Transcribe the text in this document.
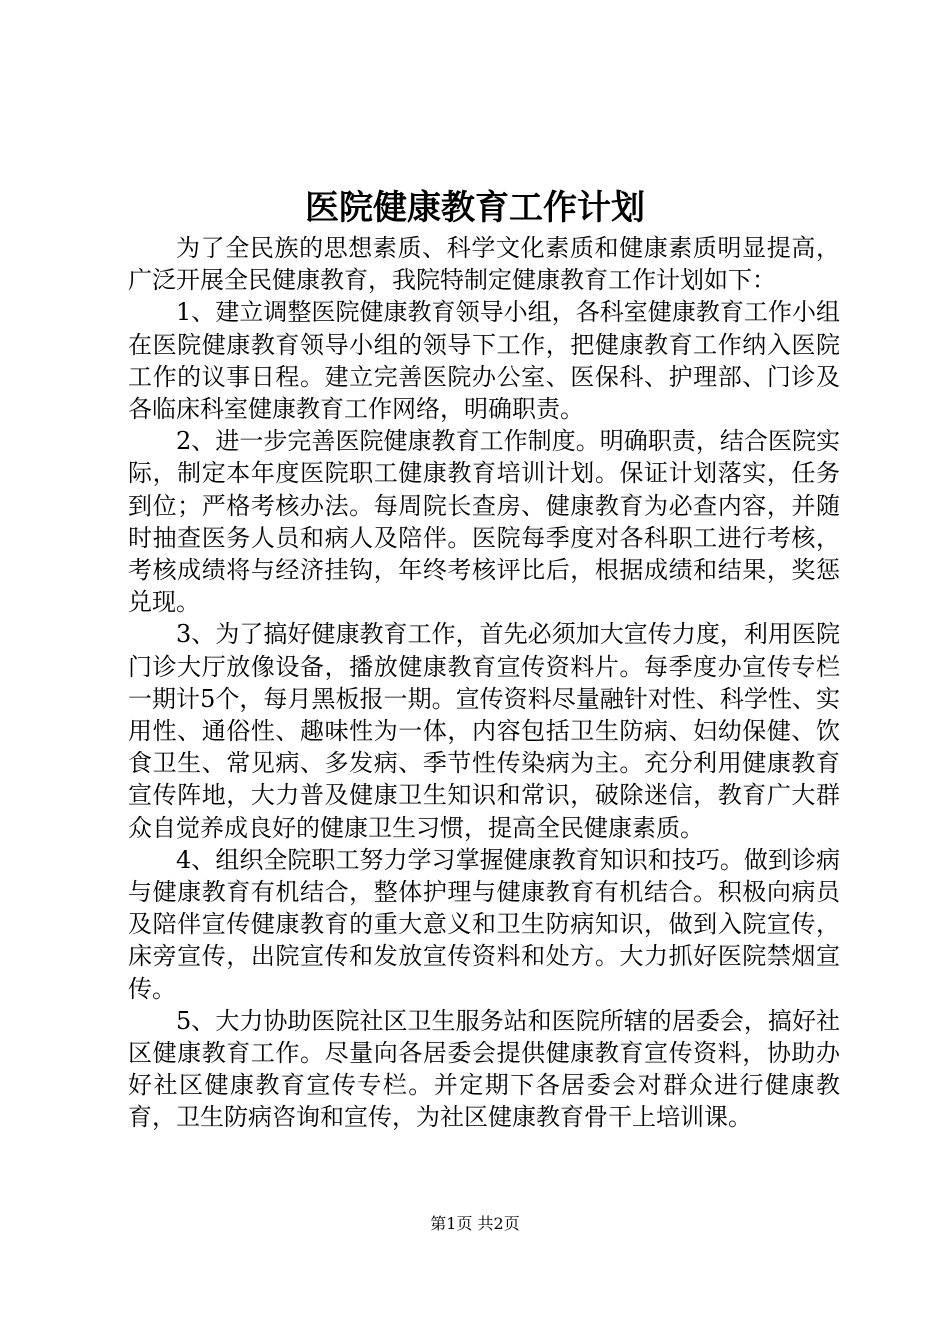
医院健康教育工作计划

为了全民族的思想素质、科学文化素质和健康素质明显提高，广泛开展全民健康教育，我院特制定健康教育工作计划如下：

1、建立调整医院健康教育领导小组，各科室健康教育工作小组在医院健康教育领导小组的领导下工作，把健康教育工作纳入医院工作的议事日程。建立完善医院办公室、医保科、护理部、门诊及各临床科室健康教育工作网络，明确职责。

2、进一步完善医院健康教育工作制度。明确职责，结合医院实际，制定本年度医院职工健康教育培训计划。保证计划落实，任务到位；严格考核办法。每周院长查房、健康教育为必查内容，并随时抽查医务人员和病人及陪伴。医院每季度对各科职工进行考核，考核成绩将与经济挂钩，年终考核评比后，根据成绩和结果，奖惩兑现。

3、为了搞好健康教育工作，首先必须加大宣传力度，利用医院门诊大厅放像设备，播放健康教育宣传资料片。每季度办宣传专栏一期计5个，每月黑板报一期。宣传资料尽量融针对性、科学性、实用性、通俗性、趣味性为一体，内容包括卫生防病、妇幼保健、饮食卫生、常见病、多发病、季节性传染病为主。充分利用健康教育宣传阵地，大力普及健康卫生知识和常识，破除迷信，教育广大群众自觉养成良好的健康卫生习惯，提高全民健康素质。

4、组织全院职工努力学习掌握健康教育知识和技巧。做到诊病与健康教育有机结合，整体护理与健康教育有机结合。积极向病员及陪伴宣传健康教育的重大意义和卫生防病知识，做到入院宣传，床旁宣传，出院宣传和发放宣传资料和处方。大力抓好医院禁烟宣传。

5、大力协助医院社区卫生服务站和医院所辖的居委会，搞好社区健康教育工作。尽量向各居委会提供健康教育宣传资料，协助办好社区健康教育宣传专栏。并定期下各居委会对群众进行健康教育，卫生防病咨询和宣传，为社区健康教育骨干上培训课。

第1页 共2页
